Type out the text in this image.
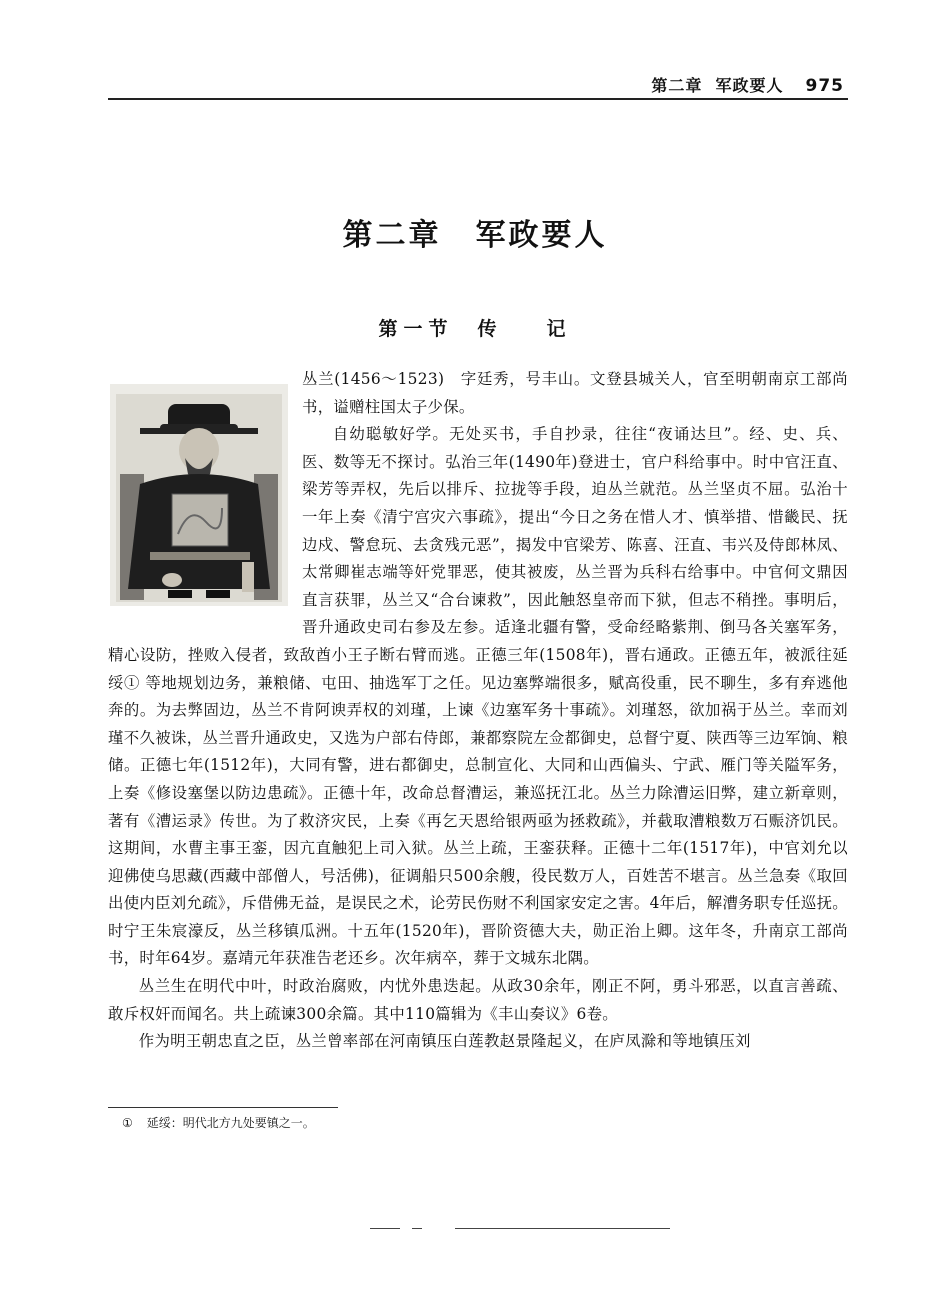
第二章  军政要人 975
第二章 军政要人
第一节 传 记

丛兰(1456～1523)　字廷秀，号丰山。文登县城关人，官至明朝南京工部尚书，谥赠柱国太子少保。

自幼聪敏好学。无处买书，手自抄录，往往“夜诵达旦”。经、史、兵、医、数等无不探讨。弘治三年(1490年)登进士，官户科给事中。时中官汪直、梁芳等弄权，先后以排斥、拉拢等手段，迫丛兰就范。丛兰坚贞不屈。弘治十一年上奏《清宁宫灾六事疏》，提出“今日之务在惜人才、慎举措、惜畿民、抚边戍、警怠玩、去贪残元恶”，揭发中官梁芳、陈喜、汪直、韦兴及侍郎林凤、太常卿崔志端等奸党罪恶，使其被废，丛兰晋为兵科右给事中。中官何文鼎因直言获罪，丛兰又“合台谏救”，因此触怒皇帝而下狱，但志不稍挫。事明后，晋升通政史司右参及左参。适逢北疆有警，受命经略紫荆、倒马各关塞军务，精心设防，挫败入侵者，致敌酋小王子断右臂而逃。正德三年(1508年)，晋右通政。正德五年，被派往延绥① 等地规划边务，兼粮储、屯田、抽选军丁之任。见边塞弊端很多，赋高役重，民不聊生，多有弃逃他奔的。为去弊固边，丛兰不肯阿谀弄权的刘瑾，上谏《边塞军务十事疏》。刘瑾怒，欲加祸于丛兰。幸而刘瑾不久被诛，丛兰晋升通政史，又选为户部右侍郎，兼都察院左佥都御史，总督宁夏、陕西等三边军饷、粮储。正德七年(1512年)，大同有警，进右都御史，总制宣化、大同和山西偏头、宁武、雁门等关隘军务，上奏《修设塞堡以防边患疏》。正德十年，改命总督漕运，兼巡抚江北。丛兰力除漕运旧弊，建立新章则，著有《漕运录》传世。为了救济灾民，上奏《再乞天恩给银两亟为拯救疏》，并截取漕粮数万石赈济饥民。这期间，水曹主事王銮，因亢直触犯上司入狱。丛兰上疏，王銮获释。正德十二年(1517年)，中官刘允以迎佛使乌思藏(西藏中部僧人，号活佛)，征调船只500余艘，役民数万人，百姓苦不堪言。丛兰急奏《取回出使内臣刘允疏》，斥借佛无益，是误民之术，论劳民伤财不利国家安定之害。4年后，解漕务职专任巡抚。时宁王朱宸濠反，丛兰移镇瓜洲。十五年(1520年)，晋阶资德大夫，勋正治上卿。这年冬，升南京工部尚书，时年64岁。嘉靖元年获准告老还乡。次年病卒，葬于文城东北隅。

丛兰生在明代中叶，时政治腐败，内忧外患迭起。从政30余年，刚正不阿，勇斗邪恶，以直言善疏、敢斥权奸而闻名。共上疏谏300余篇。其中110篇辑为《丰山奏议》6卷。

作为明王朝忠直之臣，丛兰曾率部在河南镇压白莲教赵景隆起义，在庐凤滁和等地镇压刘

① 延绥：明代北方九处要镇之一。
